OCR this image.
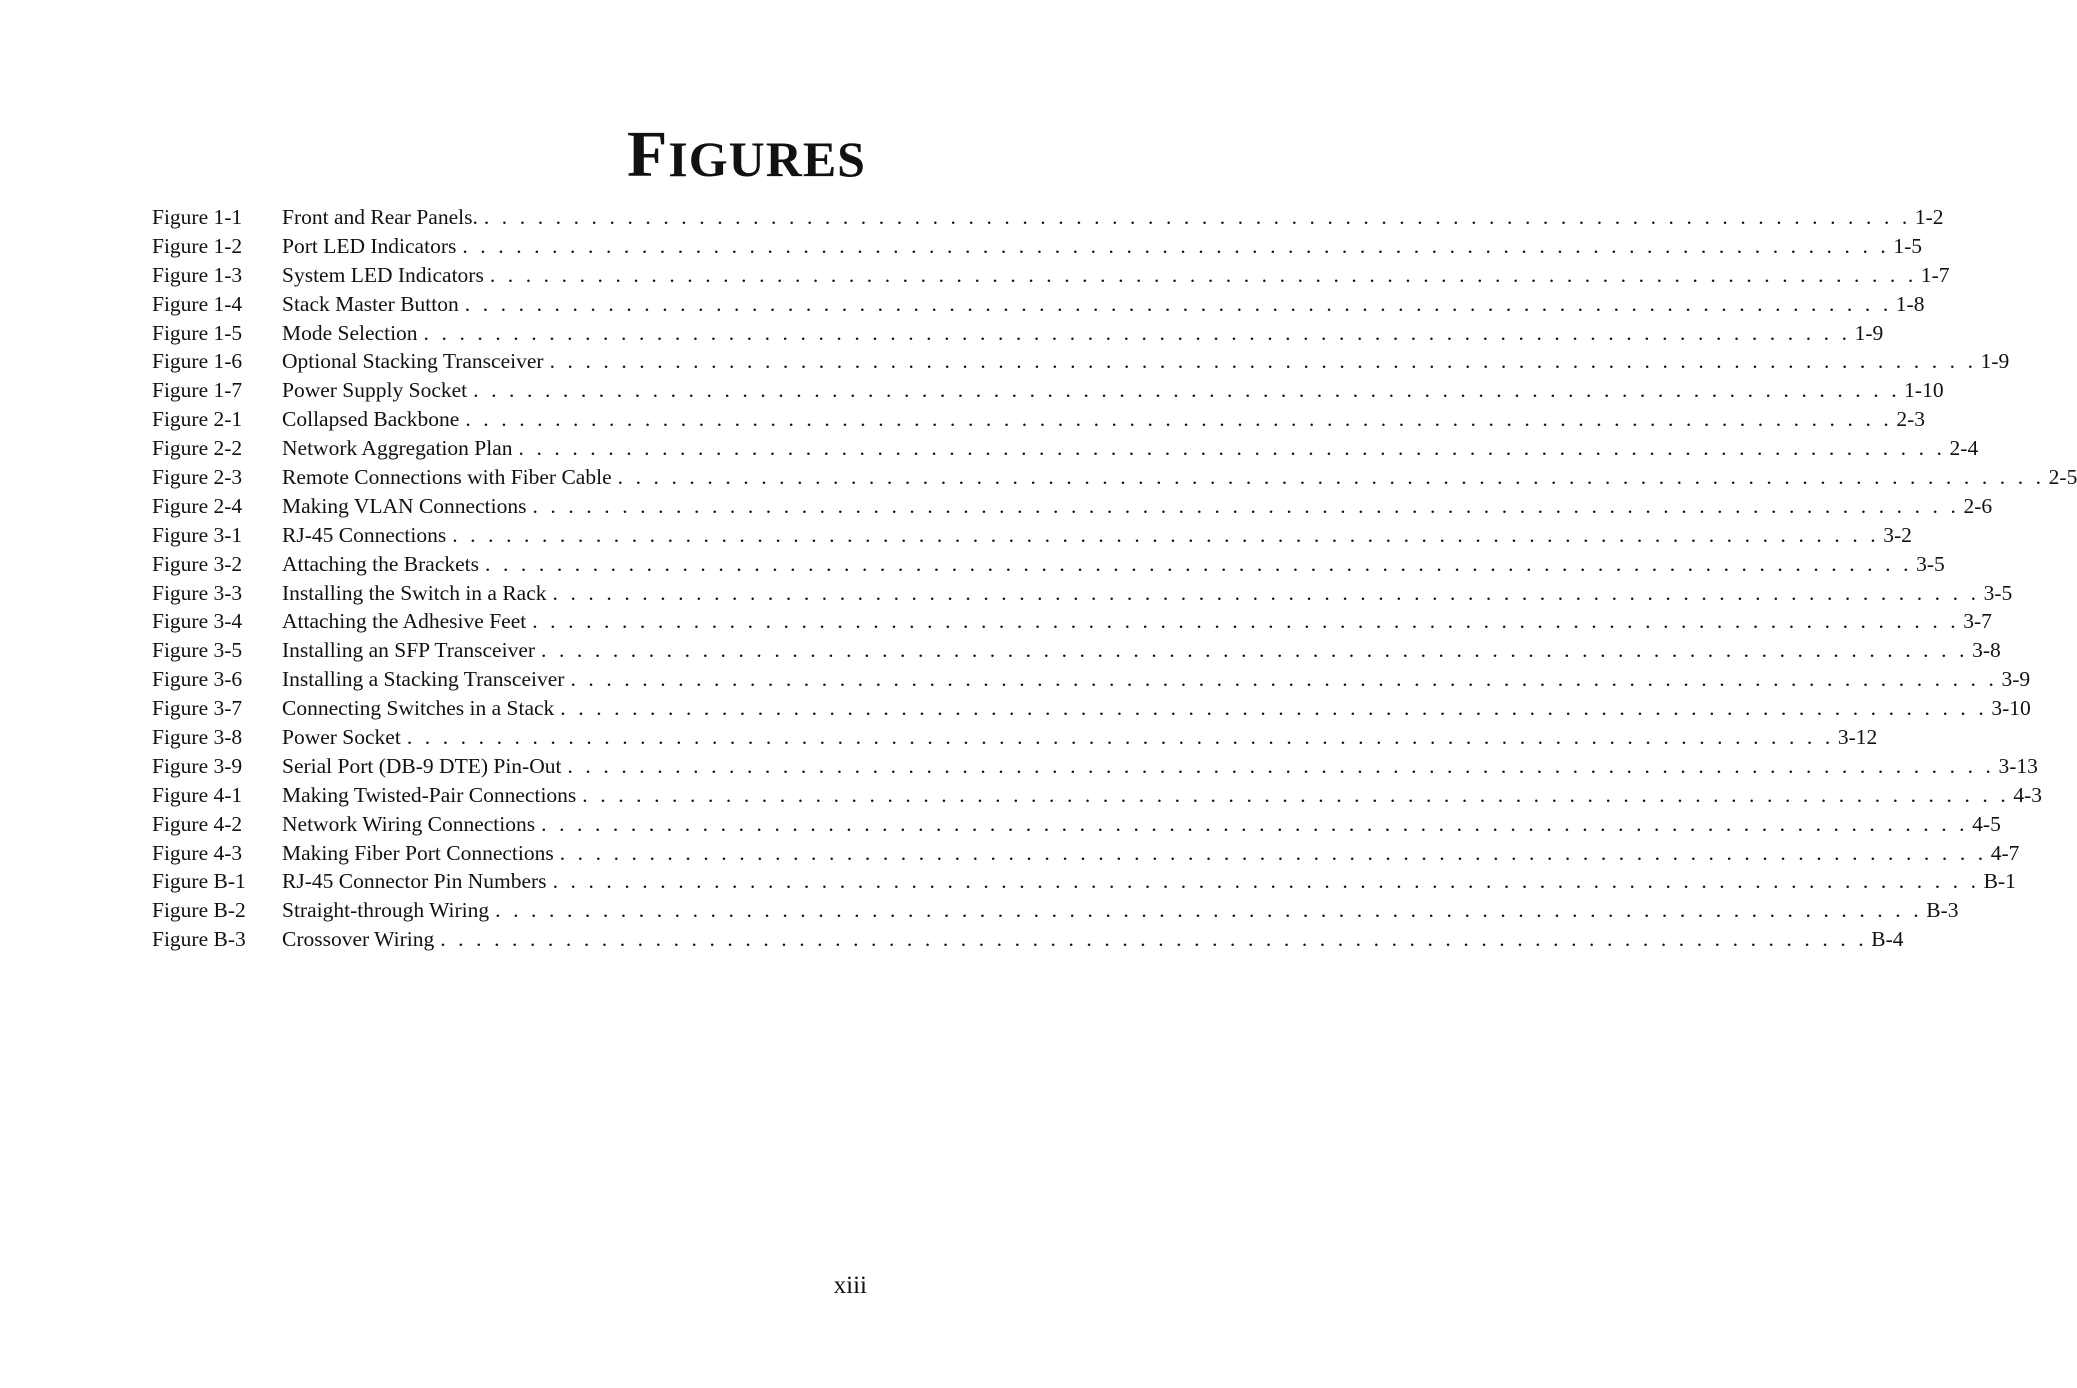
FIGURES
Figure 1-1	Front and Rear Panels. . . . . . . . . . . . . . . . . . . . . . . . . . . . . . . . . . . . . . . . . . . . . . . . . . . . . . . . . . . . . . . . . . . . . . . . . . . . . . . . . 1-2
Figure 1-2	Port LED Indicators . . . . . . . . . . . . . . . . . . . . . . . . . . . . . . . . . . . . . . . . . . . . . . . . . . . . . . . . . . . . . . . . . . . . . . . . . . . . . . . . 1-5
Figure 1-3	System LED Indicators . . . . . . . . . . . . . . . . . . . . . . . . . . . . . . . . . . . . . . . . . . . . . . . . . . . . . . . . . . . . . . . . . . . . . . . . . . . . . . . . 1-7
Figure 1-4	Stack Master Button . . . . . . . . . . . . . . . . . . . . . . . . . . . . . . . . . . . . . . . . . . . . . . . . . . . . . . . . . . . . . . . . . . . . . . . . . . . . . . . . 1-8
Figure 1-5	Mode Selection . . . . . . . . . . . . . . . . . . . . . . . . . . . . . . . . . . . . . . . . . . . . . . . . . . . . . . . . . . . . . . . . . . . . . . . . . . . . . . . . 1-9
Figure 1-6	Optional Stacking Transceiver . . . . . . . . . . . . . . . . . . . . . . . . . . . . . . . . . . . . . . . . . . . . . . . . . . . . . . . . . . . . . . . . . . . . . . . . . . . . . . . . 1-9
Figure 1-7	Power Supply Socket . . . . . . . . . . . . . . . . . . . . . . . . . . . . . . . . . . . . . . . . . . . . . . . . . . . . . . . . . . . . . . . . . . . . . . . . . . . . . . . . 1-10
Figure 2-1	Collapsed Backbone . . . . . . . . . . . . . . . . . . . . . . . . . . . . . . . . . . . . . . . . . . . . . . . . . . . . . . . . . . . . . . . . . . . . . . . . . . . . . . . . 2-3
Figure 2-2	Network Aggregation Plan . . . . . . . . . . . . . . . . . . . . . . . . . . . . . . . . . . . . . . . . . . . . . . . . . . . . . . . . . . . . . . . . . . . . . . . . . . . . . . . . 2-4
Figure 2-3	Remote Connections with Fiber Cable . . . . . . . . . . . . . . . . . . . . . . . . . . . . . . . . . . . . . . . . . . . . . . . . . . . . . . . . . . . . . . . . . . . . . . . . . . . . . . . . 2-5
Figure 2-4	Making VLAN Connections . . . . . . . . . . . . . . . . . . . . . . . . . . . . . . . . . . . . . . . . . . . . . . . . . . . . . . . . . . . . . . . . . . . . . . . . . . . . . . . . 2-6
Figure 3-1	RJ-45 Connections . . . . . . . . . . . . . . . . . . . . . . . . . . . . . . . . . . . . . . . . . . . . . . . . . . . . . . . . . . . . . . . . . . . . . . . . . . . . . . . . 3-2
Figure 3-2	Attaching the Brackets . . . . . . . . . . . . . . . . . . . . . . . . . . . . . . . . . . . . . . . . . . . . . . . . . . . . . . . . . . . . . . . . . . . . . . . . . . . . . . . . 3-5
Figure 3-3	Installing the Switch in a Rack . . . . . . . . . . . . . . . . . . . . . . . . . . . . . . . . . . . . . . . . . . . . . . . . . . . . . . . . . . . . . . . . . . . . . . . . . . . . . . . . 3-5
Figure 3-4	Attaching the Adhesive Feet . . . . . . . . . . . . . . . . . . . . . . . . . . . . . . . . . . . . . . . . . . . . . . . . . . . . . . . . . . . . . . . . . . . . . . . . . . . . . . . . 3-7
Figure 3-5	Installing an SFP Transceiver . . . . . . . . . . . . . . . . . . . . . . . . . . . . . . . . . . . . . . . . . . . . . . . . . . . . . . . . . . . . . . . . . . . . . . . . . . . . . . . . 3-8
Figure 3-6	Installing a Stacking Transceiver . . . . . . . . . . . . . . . . . . . . . . . . . . . . . . . . . . . . . . . . . . . . . . . . . . . . . . . . . . . . . . . . . . . . . . . . . . . . . . . . 3-9
Figure 3-7	Connecting Switches in a Stack . . . . . . . . . . . . . . . . . . . . . . . . . . . . . . . . . . . . . . . . . . . . . . . . . . . . . . . . . . . . . . . . . . . . . . . . . . . . . . . . 3-10
Figure 3-8	Power Socket . . . . . . . . . . . . . . . . . . . . . . . . . . . . . . . . . . . . . . . . . . . . . . . . . . . . . . . . . . . . . . . . . . . . . . . . . . . . . . . . 3-12
Figure 3-9	Serial Port (DB-9 DTE) Pin-Out . . . . . . . . . . . . . . . . . . . . . . . . . . . . . . . . . . . . . . . . . . . . . . . . . . . . . . . . . . . . . . . . . . . . . . . . . . . . . . . . 3-13
Figure 4-1	Making Twisted-Pair Connections . . . . . . . . . . . . . . . . . . . . . . . . . . . . . . . . . . . . . . . . . . . . . . . . . . . . . . . . . . . . . . . . . . . . . . . . . . . . . . . . 4-3
Figure 4-2	Network Wiring Connections . . . . . . . . . . . . . . . . . . . . . . . . . . . . . . . . . . . . . . . . . . . . . . . . . . . . . . . . . . . . . . . . . . . . . . . . . . . . . . . . 4-5
Figure 4-3	Making Fiber Port Connections . . . . . . . . . . . . . . . . . . . . . . . . . . . . . . . . . . . . . . . . . . . . . . . . . . . . . . . . . . . . . . . . . . . . . . . . . . . . . . . . 4-7
Figure B-1	RJ-45 Connector Pin Numbers . . . . . . . . . . . . . . . . . . . . . . . . . . . . . . . . . . . . . . . . . . . . . . . . . . . . . . . . . . . . . . . . . . . . . . . . . . . . . . . . B-1
Figure B-2	Straight-through Wiring . . . . . . . . . . . . . . . . . . . . . . . . . . . . . . . . . . . . . . . . . . . . . . . . . . . . . . . . . . . . . . . . . . . . . . . . . . . . . . . . B-3
Figure B-3	Crossover Wiring . . . . . . . . . . . . . . . . . . . . . . . . . . . . . . . . . . . . . . . . . . . . . . . . . . . . . . . . . . . . . . . . . . . . . . . . . . . . . . . . B-4
xiii
